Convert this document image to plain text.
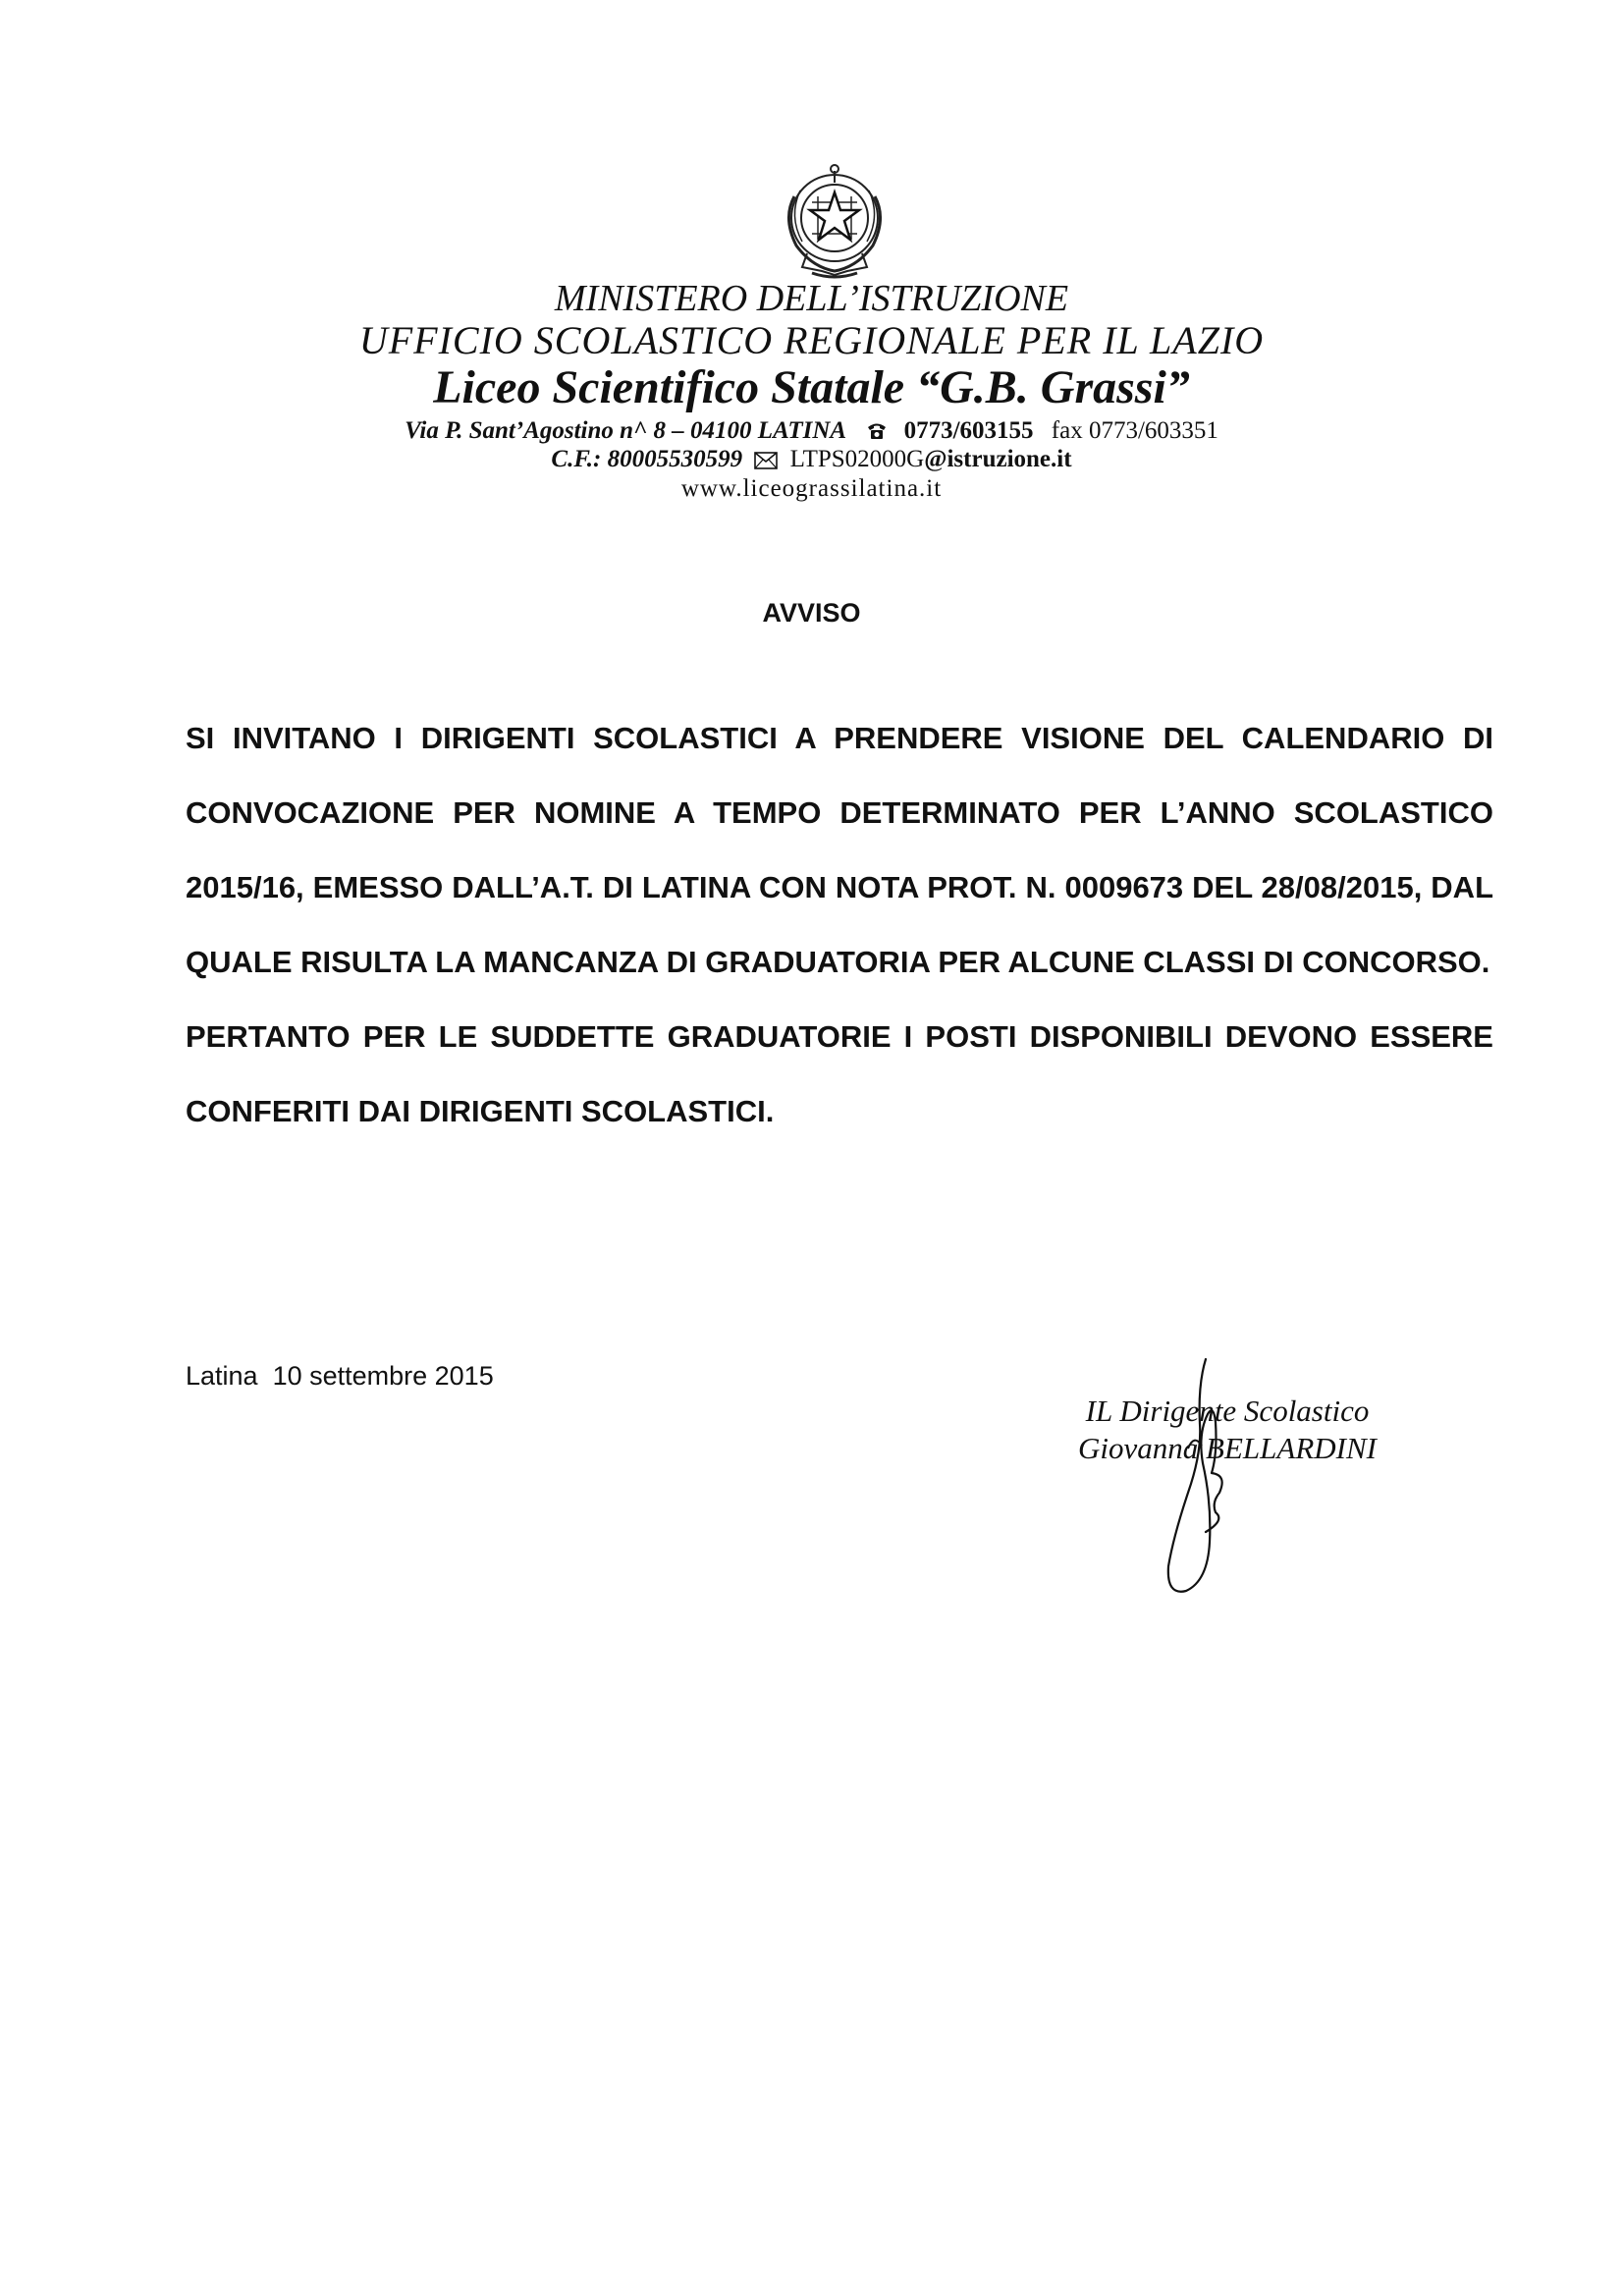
MINISTERO DELL’ISTRUZIONE
UFFICIO SCOLASTICO REGIONALE PER IL LAZIO
Liceo Scientifico Statale “G.B. Grassi”
Via P. Sant’Agostino n^ 8 – 04100 LATINA 0773/603155 fax 0773/603351
C.F.: 80005530599 LTPS02000G@istruzione.it
www.liceograssilatina.it
AVVISO

SI INVITANO I DIRIGENTI SCOLASTICI A PRENDERE VISIONE DEL CALENDARIO DI CONVOCAZIONE PER NOMINE A TEMPO DETERMINATO PER L’ANNO SCOLASTICO 2015/16, EMESSO DALL’A.T. DI LATINA CON NOTA PROT. N. 0009673 DEL 28/08/2015, DAL QUALE RISULTA LA MANCANZA DI GRADUATORIA PER ALCUNE CLASSI DI CONCORSO.

PERTANTO PER LE SUDDETTE GRADUATORIE I POSTI DISPONIBILI DEVONO ESSERE CONFERITI DAI DIRIGENTI SCOLASTICI.

Latina  10 settembre 2015
IL Dirigente Scolastico
Giovanna BELLARDINI
